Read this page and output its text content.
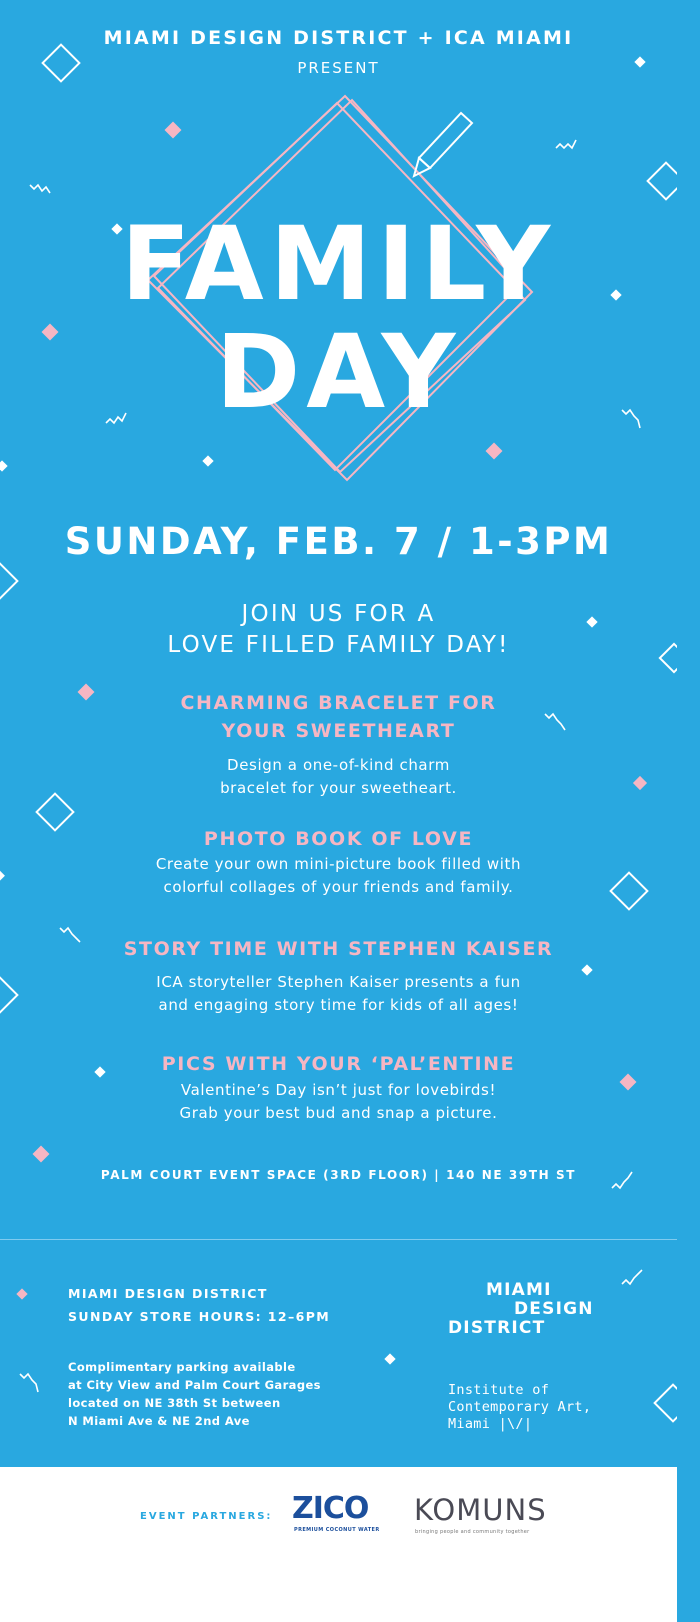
MIAMI DESIGN DISTRICT + ICA MIAMI
PRESENT
FAMILY
DAY
SUNDAY, FEB. 7 / 1-3PM
JOIN US FOR A
LOVE FILLED FAMILY DAY!
CHARMING BRACELET FOR
YOUR SWEETHEART
Design a one-of-kind charm
bracelet for your sweetheart.
PHOTO BOOK OF LOVE
Create your own mini-picture book filled with
colorful collages of your friends and family.
STORY TIME WITH STEPHEN KAISER
ICA storyteller Stephen Kaiser presents a fun
and engaging story time for kids of all ages!
PICS WITH YOUR ‘PAL’ENTINE
Valentine’s Day isn’t just for lovebirds!
Grab your best bud and snap a picture.
PALM COURT EVENT SPACE (3RD FLOOR) | 140 NE 39TH ST
MIAMI DESIGN DISTRICT
SUNDAY STORE HOURS: 12–6PM
Complimentary parking available
at City View and Palm Court Garages
located on NE 38th St between
N Miami Ave & NE 2nd Ave
MIAMI
DESIGN
DISTRICT
Institute of
Contemporary Art,
Miami |\/|
EVENT PARTNERS: ZICO
PREMIUM COCONUT WATER
KOMUNS
bringing people and community together
